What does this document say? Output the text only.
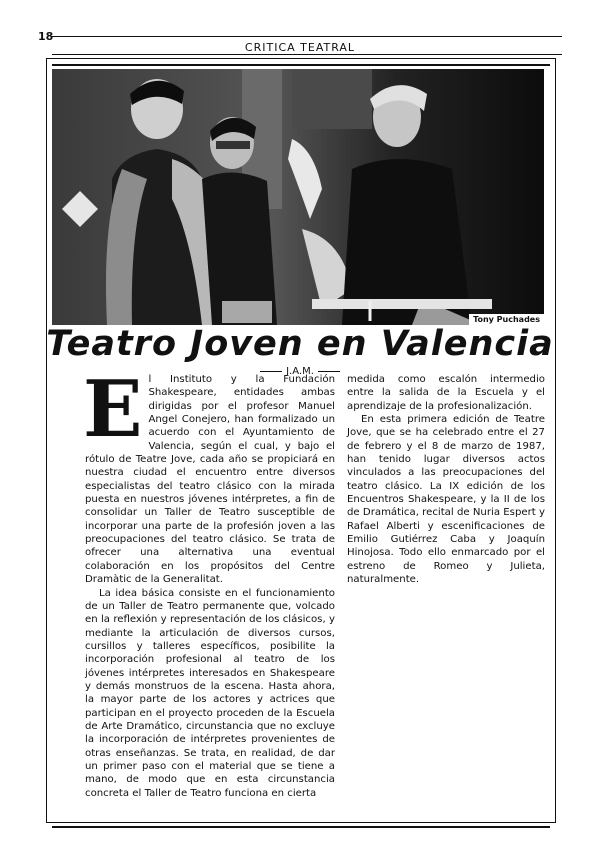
18
CRITICA TEATRAL
Tony Puchades
Teatro Joven en Valencia
J.A.M.

El Instituto y la Fundación Shakespeare, entidades ambas dirigidas por el profesor Manuel Angel Conejero, han formalizado un acuerdo con el Ayuntamiento de Valencia, según el cual, y bajo el rótulo de Teatre Jove, cada año se propiciará en nuestra ciudad el encuentro entre diversos especialistas del teatro clásico con la mirada puesta en nuestros jóvenes intérpretes, a fin de consolidar un Taller de Teatro susceptible de incorporar una parte de la profesión joven a las preocupaciones del teatro clásico. Se trata de ofrecer una alternativa una eventual colaboración en los propósitos del Centre Dramàtic de la Generalitat.

La idea básica consiste en el funcionamiento de un Taller de Teatro permanente que, volcado en la reflexión y representación de los clásicos, y mediante la articulación de diversos cursos, cursillos y talleres específicos, posibilite la incorporación profesional al teatro de los jóvenes intérpretes interesados en Shakespeare y demás monstruos de la escena. Hasta ahora, la mayor parte de los actores y actrices que participan en el proyecto proceden de la Escuela de Arte Dramático, circunstancia que no excluye la incorporación de intérpretes provenientes de otras enseñanzas. Se trata, en realidad, de dar un primer paso con el material que se tiene a mano, de modo que en esta circunstancia concreta el Taller de Teatro funciona en cierta

medida como escalón intermedio entre la salida de la Escuela y el aprendizaje de la profesionalización.

En esta primera edición de Teatre Jove, que se ha celebrado entre el 27 de febrero y el 8 de marzo de 1987, han tenido lugar diversos actos vinculados a las preocupaciones del teatro clásico. La IX edición de los Encuentros Shakespeare, y la II de los de Dramática, recital de Nuria Espert y Rafael Alberti y escenificaciones de Emilio Gutiérrez Caba y Joaquín Hinojosa. Todo ello enmarcado por el estreno de Romeo y Julieta, naturalmente.
